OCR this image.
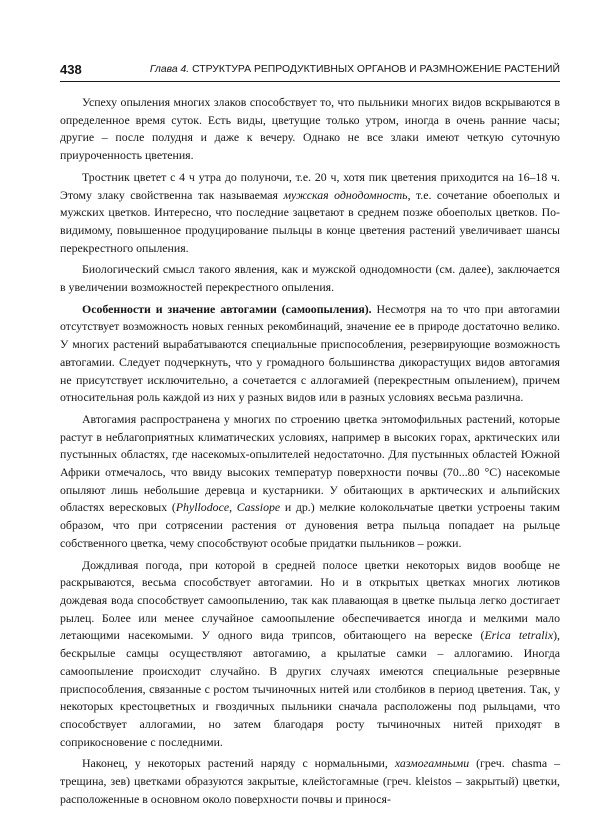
438	Глава 4. СТРУКТУРА РЕПРОДУКТИВНЫХ ОРГАНОВ И РАЗМНОЖЕНИЕ РАСТЕНИЙ

Успеху опыления многих злаков способствует то, что пыльники многих видов вскрываются в определенное время суток. Есть виды, цветущие только утром, иногда в очень ранние часы; другие – после полудня и даже к вечеру. Однако не все злаки имеют четкую суточную приуроченность цветения.

Тростник цветет с 4 ч утра до полуночи, т.е. 20 ч, хотя пик цветения приходится на 16–18 ч. Этому злаку свойственна так называемая мужская однодомность, т.е. сочетание обоеполых и мужских цветков. Интересно, что последние зацветают в среднем позже обоеполых цветков. По-видимому, повышенное продуцирование пыльцы в конце цветения растений увеличивает шансы перекрестного опыления.

Биологический смысл такого явления, как и мужской однодомности (см. далее), заключается в увеличении возможностей перекрестного опыления.

Особенности и значение автогамии (самоопыления). Несмотря на то что при автогамии отсутствует возможность новых генных рекомбинаций, значение ее в природе достаточно велико. У многих растений вырабатываются специальные приспособления, резервирующие возможность автогамии. Следует подчеркнуть, что у громадного большинства дикорастущих видов автогамия не присутствует исключительно, а сочетается с аллогамией (перекрестным опылением), причем относительная роль каждой из них у разных видов или в разных условиях весьма различна.

Автогамия распространена у многих по строению цветка энтомофильных растений, которые растут в неблагоприятных климатических условиях, например в высоких горах, арктических или пустынных областях, где насекомых-опылителей недостаточно. Для пустынных областей Южной Африки отмечалось, что ввиду высоких температур поверхности почвы (70...80 °C) насекомые опыляют лишь небольшие деревца и кустарники. У обитающих в арктических и альпийских областях вересковых (Phyllodoce, Cassiope и др.) мелкие колокольчатые цветки устроены таким образом, что при сотрясении растения от дуновения ветра пыльца попадает на рыльце собственного цветка, чему способствуют особые придатки пыльников – рожки.

Дождливая погода, при которой в средней полосе цветки некоторых видов вообще не раскрываются, весьма способствует автогамии. Но и в открытых цветках многих лютиков дождевая вода способствует самоопылению, так как плавающая в цветке пыльца легко достигает рылец. Более или менее случайное самоопыление обеспечивается иногда и мелкими мало летающими насекомыми. У одного вида трипсов, обитающего на вереске (Erica tetralix), бескрылые самцы осуществляют автогамию, а крылатые самки – аллогамию. Иногда самоопыление происходит случайно. В других случаях имеются специальные резервные приспособления, связанные с ростом тычиночных нитей или столбиков в период цветения. Так, у некоторых крестоцветных и гвоздичных пыльники сначала расположены под рыльцами, что способствует аллогамии, но затем благодаря росту тычиночных нитей приходят в соприкосновение с последними.

Наконец, у некоторых растений наряду с нормальными, хазмогамными (греч. chasma – трещина, зев) цветками образуются закрытые, клейстогамные (греч. kleistos – закрытый) цветки, расположенные в основном около поверхности почвы и принося-
